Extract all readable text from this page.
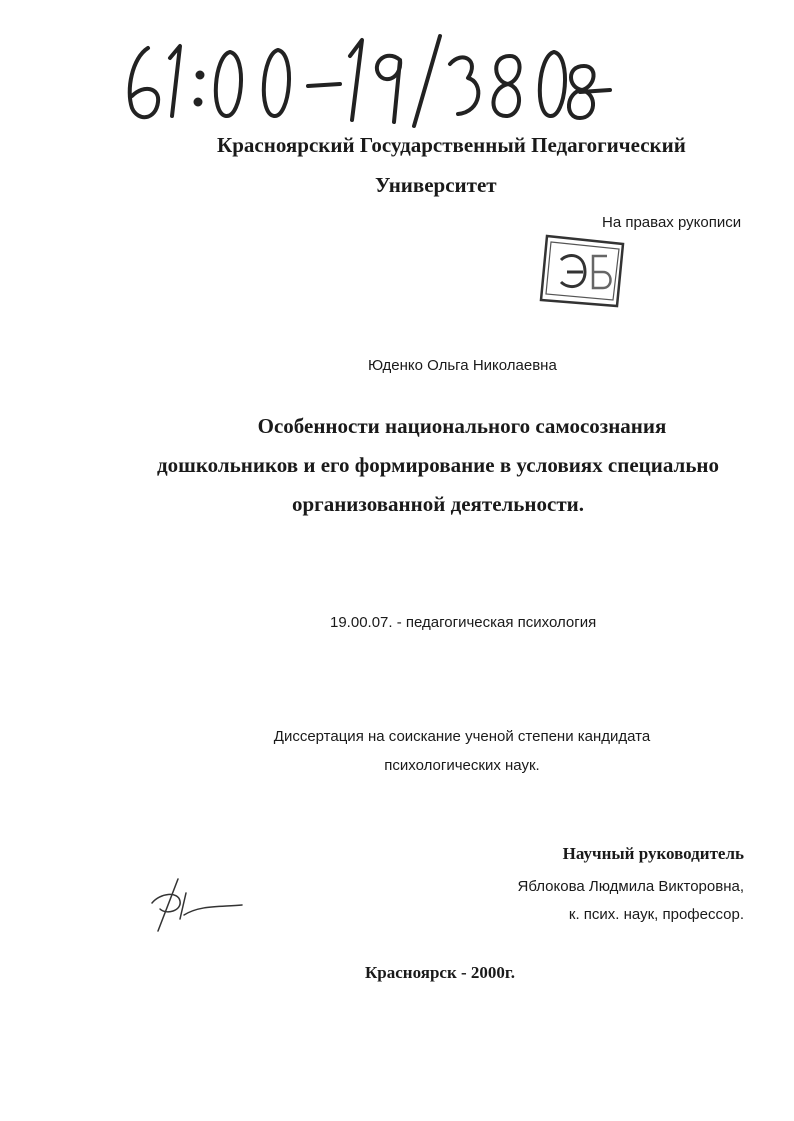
Красноярский Государственный Педагогический
Университет
На правах рукописи
Юденко Ольга Николаевна
Особенности национального самосознания
дошкольников и его формирование в условиях специально
организованной деятельности.
19.00.07. - педагогическая психология
Диссертация на соискание ученой степени кандидата
психологических наук.
Научный руководитель
Яблокова Людмила Викторовна,
к. псих. наук, профессор.
Красноярск - 2000г.
